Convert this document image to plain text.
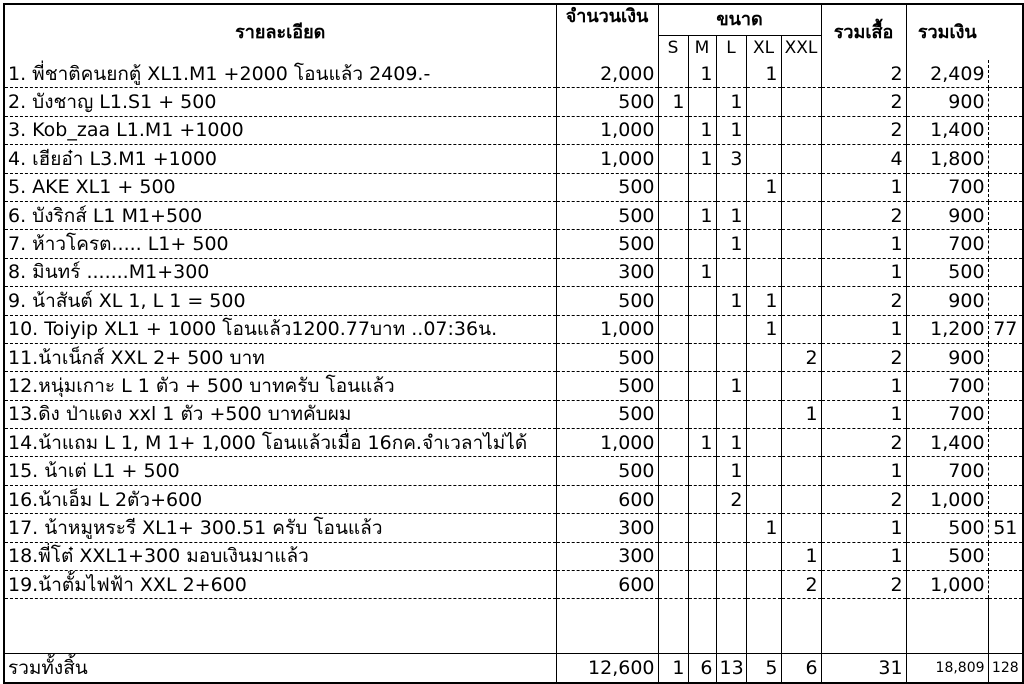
รายละเอียด	จำนวนเงิน	ขนาด					รวมเสื้อ	รวมเงิน	
		S	M	L	XL	XXL			
1. พี่ชาติคนยกตู้ XL1.M1 +2000 โอนแล้ว 2409.-	2,000		1		1		2	2,409	
2. บังชาญ L1.S1 + 500	500	1		1			2	900	
3. Kob_zaa L1.M1 +1000	1,000		1	1			2	1,400	
4. เฮียอ๋า L3.M1 +1000	1,000		1	3			4	1,800	
5. AKE XL1 + 500	500				1		1	700	
6. บังริกส์ L1 M1+500	500		1	1			2	900	
7. ห้าวโครต..... L1+ 500	500			1			1	700	
8. มินทร์ .......M1+300	300		1				1	500	
9. น้าสันต์ XL 1, L 1 = 500	500			1	1		2	900	
10. Toiyip XL1 + 1000 โอนแล้ว1200.77บาท ..07:36น.	1,000				1		1	1,200	77
11.น้าเน็กส์ XXL 2+ 500 บาท	500					2	2	900	
12.หนุ่มเกาะ L 1 ตัว + 500 บาทครับ โอนแล้ว	500			1			1	700	
13.ดิง ป่าแดง xxl 1 ตัว +500 บาทคับผม	500					1	1	700	
14.น้าแถม L 1, M 1+ 1,000 โอนแล้วเมื่อ 16กค.จำเวลาไม่ได้	1,000		1	1			2	1,400	
15. น้าเต่ L1 + 500	500			1			1	700	
16.น้าเอ็ม L 2ตัว+600	600			2			2	1,000	
17. น้าหมูหระรี XL1+ 300.51 ครับ โอนแล้ว	300				1		1	500	51
18.พี่โต๋ XXL1+300 มอบเงินมาแล้ว	300					1	1	500	
19.น้าตั้มไฟฟ้า XXL 2+600	600					2	2	1,000	

รวมทั้งสิ้น	12,600	1	6	13	5	6	31	18,809	128
